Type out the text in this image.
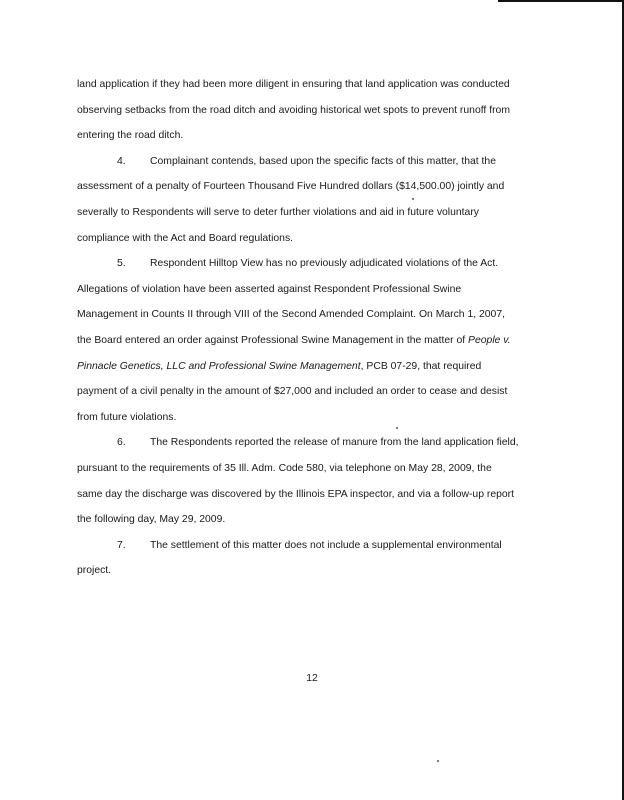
land application if they had been more diligent in ensuring that land application was conducted
observing setbacks from the road ditch and avoiding historical wet spots to prevent runoff from
entering the road ditch.
4. Complainant contends, based upon the specific facts of this matter, that the
assessment of a penalty of Fourteen Thousand Five Hundred dollars ($14,500.00) jointly and
severally to Respondents will serve to deter further violations and aid in future voluntary
compliance with the Act and Board regulations.
5. Respondent Hilltop View has no previously adjudicated violations of the Act.
Allegations of violation have been asserted against Respondent Professional Swine
Management in Counts II through VIII of the Second Amended Complaint. On March 1, 2007,
the Board entered an order against Professional Swine Management in the matter of People v.
Pinnacle Genetics, LLC and Professional Swine Management, PCB 07-29, that required
payment of a civil penalty in the amount of $27,000 and included an order to cease and desist
from future violations.
6. The Respondents reported the release of manure from the land application field,
pursuant to the requirements of 35 Ill. Adm. Code 580, via telephone on May 28, 2009, the
same day the discharge was discovered by the Illinois EPA inspector, and via a follow-up report
the following day, May 29, 2009.
7. The settlement of this matter does not include a supplemental environmental
project.
12
